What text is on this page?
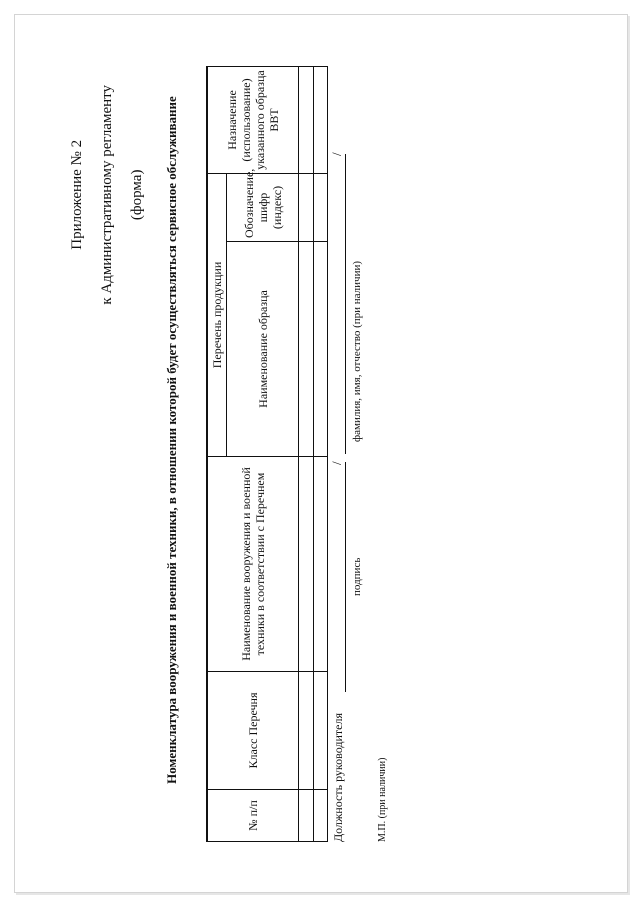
Приложение № 2 к Административному регламенту (форма)	Номенклатура вооружения и военной техники, в отношении которой будет осуществляться сервисное обслуживание
№ п/п	Класс Перечня	Наименование вооружения и военной техники в соответствии с Перечнем	Перечень продукции		Назначение (использование) указанного образца ВВТ
			Наименование образца	Обозначение, шифр (индекс)	

Должность руководителя
/
подпись
/
фамилия, имя, отчество (при наличии)
М.П. (при наличии)
